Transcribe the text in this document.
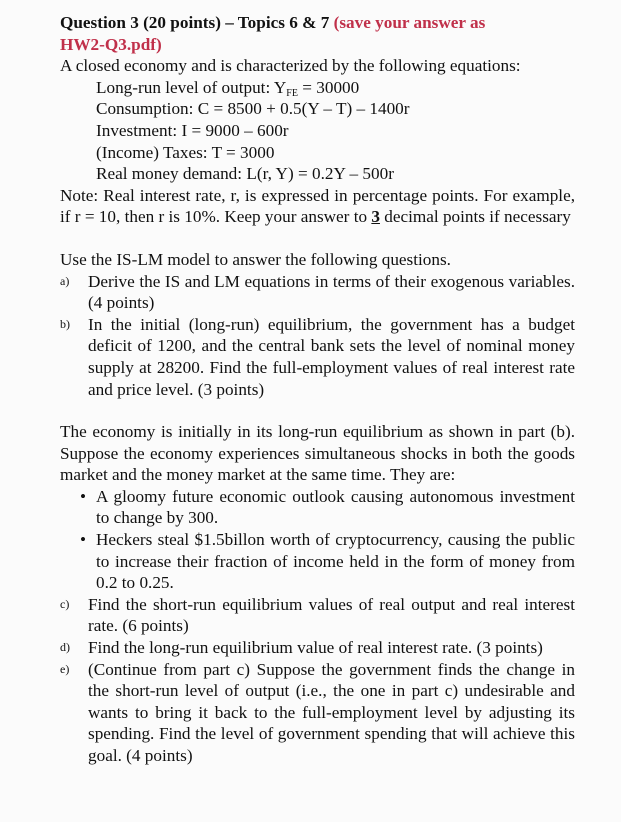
Question 3 (20 points) – Topics 6 & 7 (save your answer as
HW2-Q3.pdf)

A closed economy and is characterized by the following equations:

Long-run level of output: $Y_{FE} = 30000$
Consumption: C = 8500 + 0.5(Y – T) – 1400r
Investment: I = 9000 – 600r
(Income) Taxes: T = 3000
Real money demand: L(r, Y) = 0.2Y – 500r

Note: Real interest rate, r, is expressed in percentage points. For example, if r = 10, then r is 10%. Keep your answer to 3 decimal points if necessary

Use the IS-LM model to answer the following questions.

a) Derive the IS and LM equations in terms of their exogenous variables. (4 points)
b) In the initial (long-run) equilibrium, the government has a budget deficit of 1200, and the central bank sets the level of nominal money supply at 28200. Find the full-employment values of real interest rate and price level. (3 points)

The economy is initially in its long-run equilibrium as shown in part (b). Suppose the economy experiences simultaneous shocks in both the goods market and the money market at the same time. They are:

• A gloomy future economic outlook causing autonomous investment to change by 300.
• Heckers steal $1.5billon worth of cryptocurrency, causing the public to increase their fraction of income held in the form of money from 0.2 to 0.25.
c) Find the short-run equilibrium values of real output and real interest rate. (6 points)
d) Find the long-run equilibrium value of real interest rate. (3 points)
e) (Continue from part c) Suppose the government finds the change in the short-run level of output (i.e., the one in part c) undesirable and wants to bring it back to the full-employment level by adjusting its spending. Find the level of government spending that will achieve this goal. (4 points)
